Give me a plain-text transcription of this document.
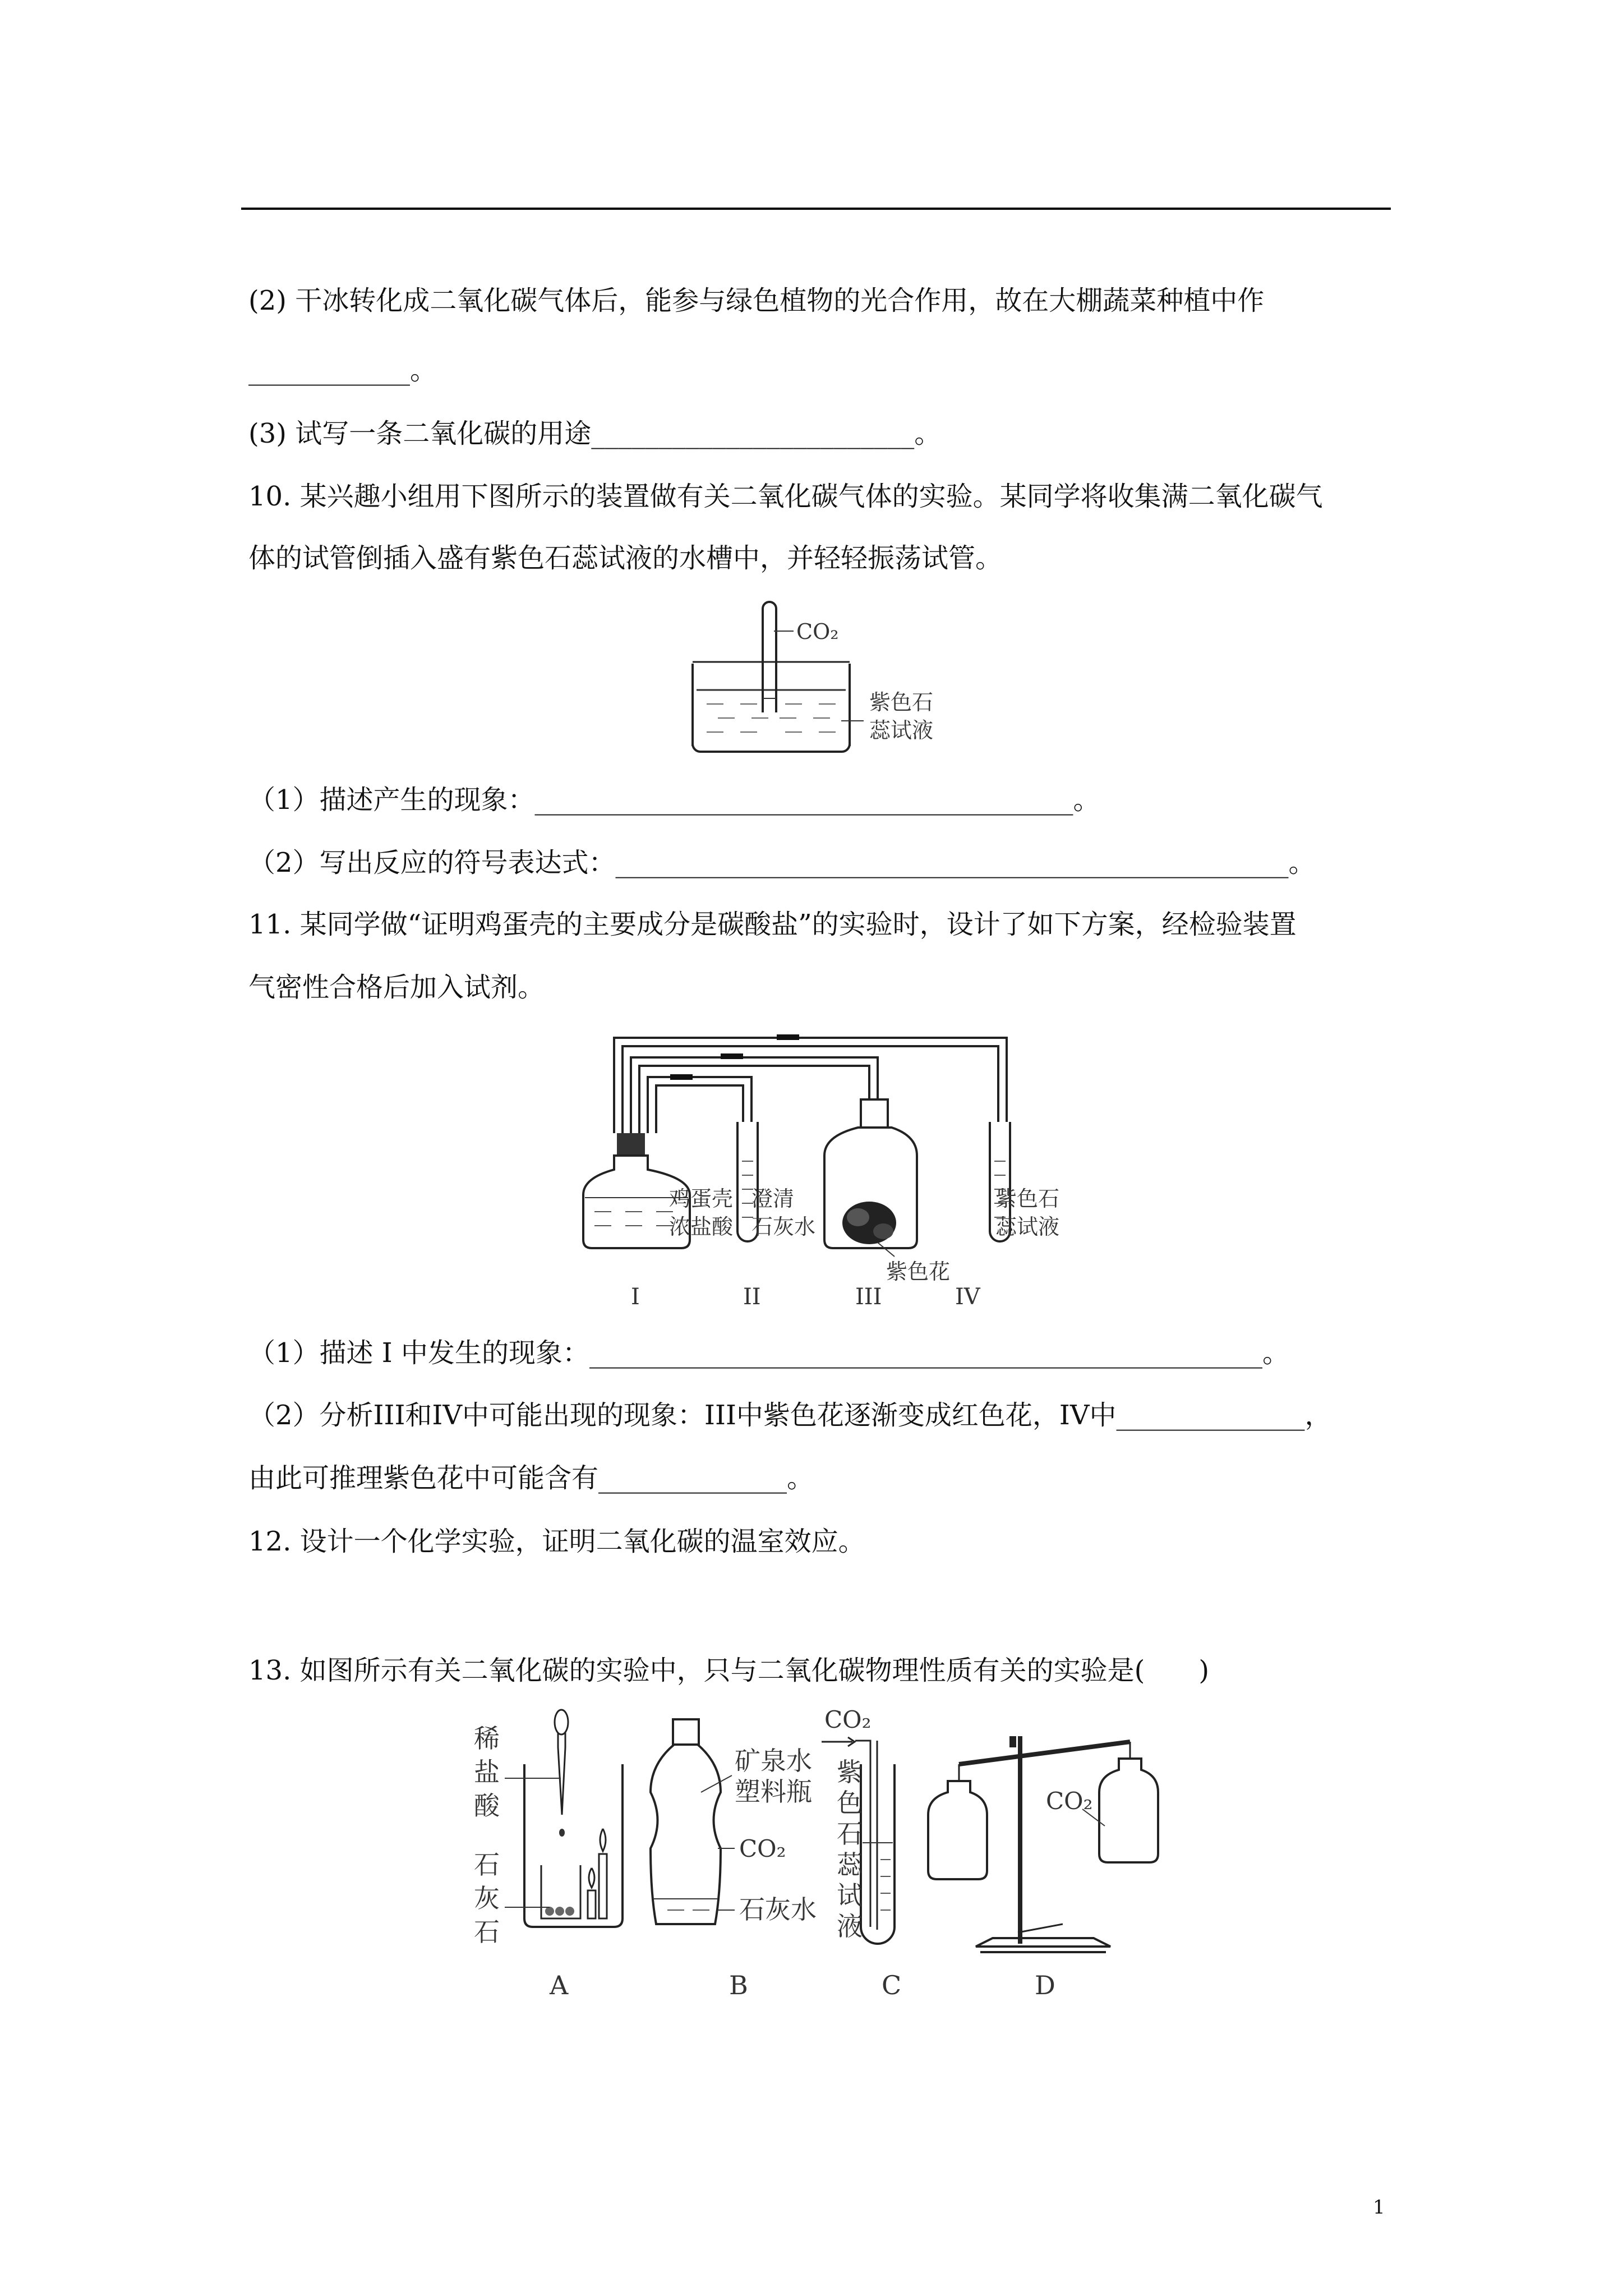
(2) 干冰转化成二氧化碳气体后，能参与绿色植物的光合作用，故在大棚蔬菜种植中作
____________。
(3) 试写一条二氧化碳的用途________________________。
10. 某兴趣小组用下图所示的装置做有关二氧化碳气体的实验。某同学将收集满二氧化碳气
体的试管倒插入盛有紫色石蕊试液的水槽中，并轻轻振荡试管。
CO₂
紫色石
蕊试液
（1）描述产生的现象：________________________________________。
（2）写出反应的符号表达式：__________________________________________________。
11. 某同学做“证明鸡蛋壳的主要成分是碳酸盐”的实验时，设计了如下方案，经检验装置
气密性合格后加入试剂。
鸡蛋壳
浓盐酸
澄清
石灰水
紫色花
紫色石
蕊试液
I	II	III	IV
（1）描述 I 中发生的现象：__________________________________________________。
（2）分析III和IV中可能出现的现象：III中紫色花逐渐变成红色花，IV中______________，
由此可推理紫色花中可能含有______________。
12. 设计一个化学实验，证明二氧化碳的温室效应。
13. 如图所示有关二氧化碳的实验中，只与二氧化碳物理性质有关的实验是(　　)
稀
盐
酸
石
灰
石
A
矿泉水
塑料瓶
CO₂
石灰水
B
CO₂
紫
色
石
蕊
试
液
C
CO₂
D
1
